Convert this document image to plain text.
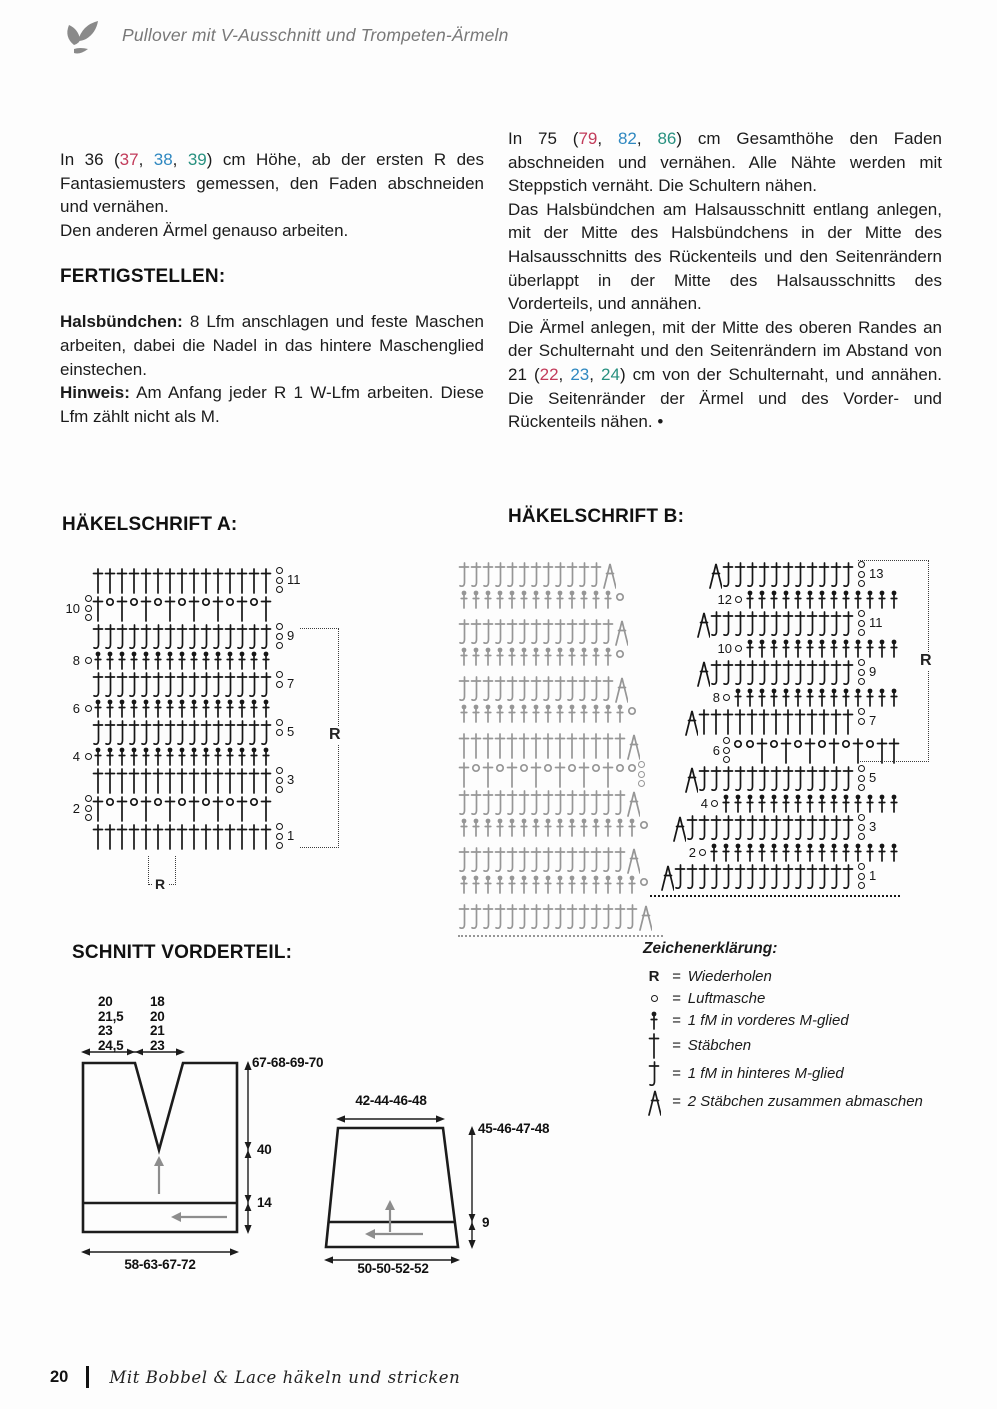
Pullover mit V-Ausschnitt und Trompeten-Ärmeln

In 36 (37, 38, 39) cm Höhe, ab der ersten R des Fantasiemusters gemessen, den Faden abschneiden und vernähen.

Den anderen Ärmel genauso arbeiten.

FERTIGSTELLEN:

Halsbündchen: 8 Lfm anschlagen und feste Maschen arbeiten, dabei die Nadel in das hintere Maschenglied einstechen.

Hinweis: Am Anfang jeder R 1 W-Lfm arbeiten. Diese Lfm zählt nicht als M.

In 75 (79, 82, 86) cm Gesamthöhe den Faden abschneiden und vernähen. Alle Nähte werden mit Steppstich vernäht. Die Schultern nähen.

Das Halsbündchen am Halsausschnitt entlang anlegen, mit der Mitte des Halsbündchens in der Mitte des Halsausschnitts des Rückenteils und den Seitenrändern überlappt in der Mitte des Halsausschnitts des Vorderteils, und annähen.

Die Ärmel anlegen, mit der Mitte des oberen Randes an der Schulternaht und den Seitenrändern im Abstand von 21 (22, 23, 24) cm von der Schulternaht, und annähen. Die Seitenränder der Ärmel und des Vorder- und Rückenteils nähen. •

HÄKELSCHRIFT A:
11
10
9
8
7
6
5
4
3
2
1
R
R
HÄKELSCHRIFT B:
13
12
11
10
9
8
7
6
5
4
3
2
1
R
SCHNITT VORDERTEIL:
20
21,5
23
24,5
18
20
21
23
67-68-69-70
40
14
58-63-67-72
42-44-46-48
45-46-47-48
9
50-50-52-52
Zeichenerklärung:
R = Wiederholen
= Luftmasche
= 1 fM in vorderes M-glied
= Stäbchen
= 1 fM in hinteres M-glied
= 2 Stäbchen zusammen abmaschen
20 Mit Bobbel & Lace häkeln und stricken
